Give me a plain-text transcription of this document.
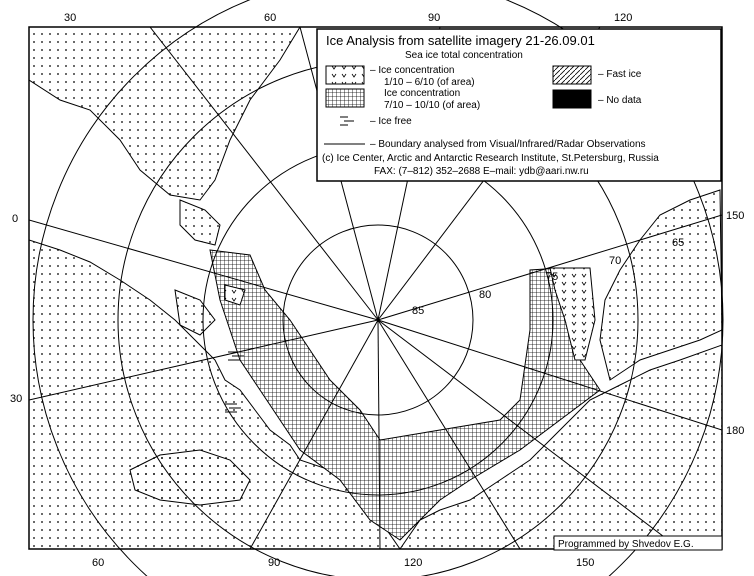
85
80
75
70
65
30	60	90	120
60	90	120	150
0
30
150
180
Ice Analysis from satellite imagery 21-26.09.01
Sea ice total concentration
– Ice concentration
1/10 – 6/10 (of area)
Ice concentration
7/10 – 10/10 (of area)
– Ice free
– Boundary analysed from Visual/Infrared/Radar Observations
(c) Ice Center, Arctic and Antarctic Research Institute, St.Petersburg, Russia
FAX: (7–812) 352–2688 E–mail: ydb@aari.nw.ru
– Fast ice
– No data
Programmed by Shvedov E.G.
